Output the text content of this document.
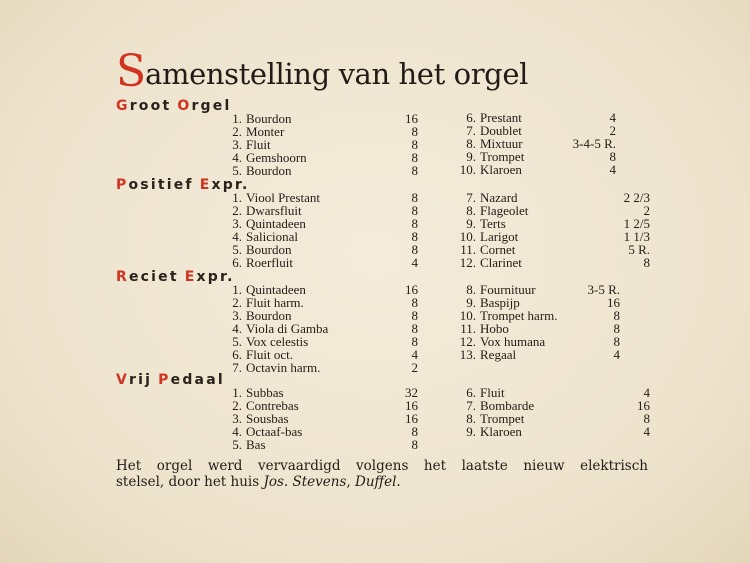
Samenstelling van het orgel
Groot Orgel
1. Bourdon	16
2. Monter	8
3. Fluit	8
4. Gemshoorn	8
5. Bourdon	8
6. Prestant	4
7. Doublet	2
8. Mixtuur	3-4-5 R.
9. Trompet	8
10. Klaroen	4
Positief Expr.
1. Viool Prestant	8
2. Dwarsfluit	8
3. Quintadeen	8
4. Salicional	8
5. Bourdon	8
6. Roerfluit	4
7. Nazard	2 2/3
8. Flageolet	2
9. Terts	1 2/5
10. Larigot	1 1/3
11. Cornet	5 R.
12. Clarinet	8
Reciet Expr.
1. Quintadeen	16
2. Fluit harm.	8
3. Bourdon	8
4. Viola di Gamba	8
5. Vox celestis	8
6. Fluit oct.	4
7. Octavin harm.	2
8. Fournituur	3-5 R.
9. Baspijp	16
10. Trompet harm.	8
11. Hobo	8
12. Vox humana	8
13. Regaal	4
Vrij Pedaal
1. Subbas	32
2. Contrebas	16
3. Sousbas	16
4. Octaaf-bas	8
5. Bas	8
6. Fluit	4
7. Bombarde	16
8. Trompet	8
9. Klaroen	4
Het orgel werd vervaardigd volgens het laatste nieuw elektrisch
stelsel, door het huis Jos. Stevens, Duffel.
